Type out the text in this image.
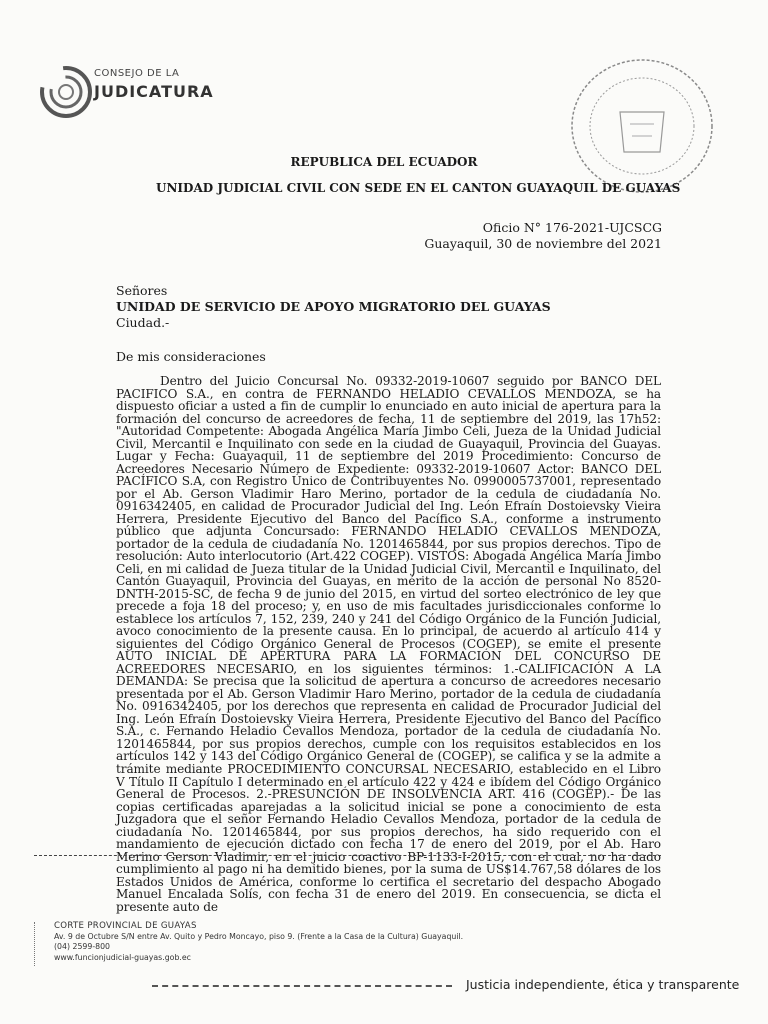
CONSEJO DE LA
JUDICATURA
REPUBLICA DEL ECUADOR
UNIDAD JUDICIAL CIVIL CON SEDE EN EL CANTON GUAYAQUIL DE GUAYAS
Oficio N° 176-2021-UJCSCG
Guayaquil, 30 de noviembre del 2021
Señores
UNIDAD DE SERVICIO DE APOYO MIGRATORIO DEL GUAYAS
Ciudad.-
De mis consideraciones
Dentro del Juicio Concursal No. 09332-2019-10607 seguido por BANCO DEL PACIFICO S.A., en contra de FERNANDO HELADIO CEVALLOS MENDOZA, se ha dispuesto oficiar a usted a fin de cumplir lo enunciado en auto inicial de apertura para la formación del concurso de acreedores de fecha, 11 de septiembre del 2019, las 17h52: "Autoridad Competente: Abogada Angélica María Jimbo Celi, Jueza de la Unidad Judicial Civil, Mercantil e Inquilinato con sede en la ciudad de Guayaquil, Provincia del Guayas. Lugar y Fecha: Guayaquil, 11 de septiembre del 2019 Procedimiento: Concurso de Acreedores Necesario Número de Expediente: 09332-2019-10607 Actor: BANCO DEL PACÍFICO S.A, con Registro Único de Contribuyentes No. 0990005737001, representado por el Ab. Gerson Vladimir Haro Merino, portador de la cedula de ciudadanía No. 0916342405, en calidad de Procurador Judicial del Ing. León Efraín Dostoievsky Vieira Herrera, Presidente Ejecutivo del Banco del Pacífico S.A., conforme a instrumento público que adjunta Concursado: FERNANDO HELADIO CEVALLOS MENDOZA, portador de la cedula de ciudadanía No. 1201465844, por sus propios derechos. Tipo de resolución: Auto interlocutorio (Art.422 COGEP). VISTOS: Abogada Angélica María Jimbo Celi, en mi calidad de Jueza titular de la Unidad Judicial Civil, Mercantil e Inquilinato, del Cantón Guayaquil, Provincia del Guayas, en mérito de la acción de personal No 8520-DNTH-2015-SC, de fecha 9 de junio del 2015, en virtud del sorteo electrónico de ley que precede a foja 18 del proceso; y, en uso de mis facultades jurisdiccionales conforme lo establece los artículos 7, 152, 239, 240 y 241 del Código Orgánico de la Función Judicial, avoco conocimiento de la presente causa. En lo principal, de acuerdo al artículo 414 y siguientes del Código Orgánico General de Procesos (COGEP), se emite el presente AUTO INICIAL DE APERTURA PARA LA FORMACIÓN DEL CONCURSO DE ACREEDORES NECESARIO, en los siguientes términos: 1.-CALIFICACIÓN A LA DEMANDA: Se precisa que la solicitud de apertura a concurso de acreedores necesario presentada por el Ab. Gerson Vladimir Haro Merino, portador de la cedula de ciudadanía No. 0916342405, por los derechos que representa en calidad de Procurador Judicial del Ing. León Efraín Dostoievsky Vieira Herrera, Presidente Ejecutivo del Banco del Pacífico S.A., c. Fernando Heladio Cevallos Mendoza, portador de la cedula de ciudadanía No. 1201465844, por sus propios derechos, cumple con los requisitos establecidos en los artículos 142 y 143 del Código Orgánico General de (COGEP), se califica y se la admite a trámite mediante PROCEDIMIENTO CONCURSAL NECESARIO, establecido en el Libro V Título II Capítulo I determinado en el artículo 422 y 424 e ibídem del Código Orgánico General de Procesos. 2.-PRESUNCIÓN DE INSOLVENCIA ART. 416 (COGEP).- De las copias certificadas aparejadas a la solicitud inicial se pone a conocimiento de esta Juzgadora que el señor Fernando Heladio Cevallos Mendoza, portador de la cedula de ciudadanía No. 1201465844, por sus propios derechos, ha sido requerido con el mandamiento de ejecución dictado con fecha 17 de enero del 2019, por el Ab. Haro Merino Gerson Vladimir, en el juicio coactivo BP-1133-I-2015, con el cual, no ha dado cumplimiento al pago ni ha demitido bienes, por la suma de US$14.767,58 dólares de los Estados Unidos de América, conforme lo certifica el secretario del despacho Abogado Manuel Encalada Solís, con fecha 31 de enero del 2019. En consecuencia, se dicta el presente auto de
CORTE PROVINCIAL DE GUAYAS
Av. 9 de Octubre S/N entre Av. Quito y Pedro Moncayo, piso 9. (Frente a la Casa de la Cultura) Guayaquil.
(04) 2599-800
www.funcionjudicial-guayas.gob.ec
Justicia independiente, ética y transparente
